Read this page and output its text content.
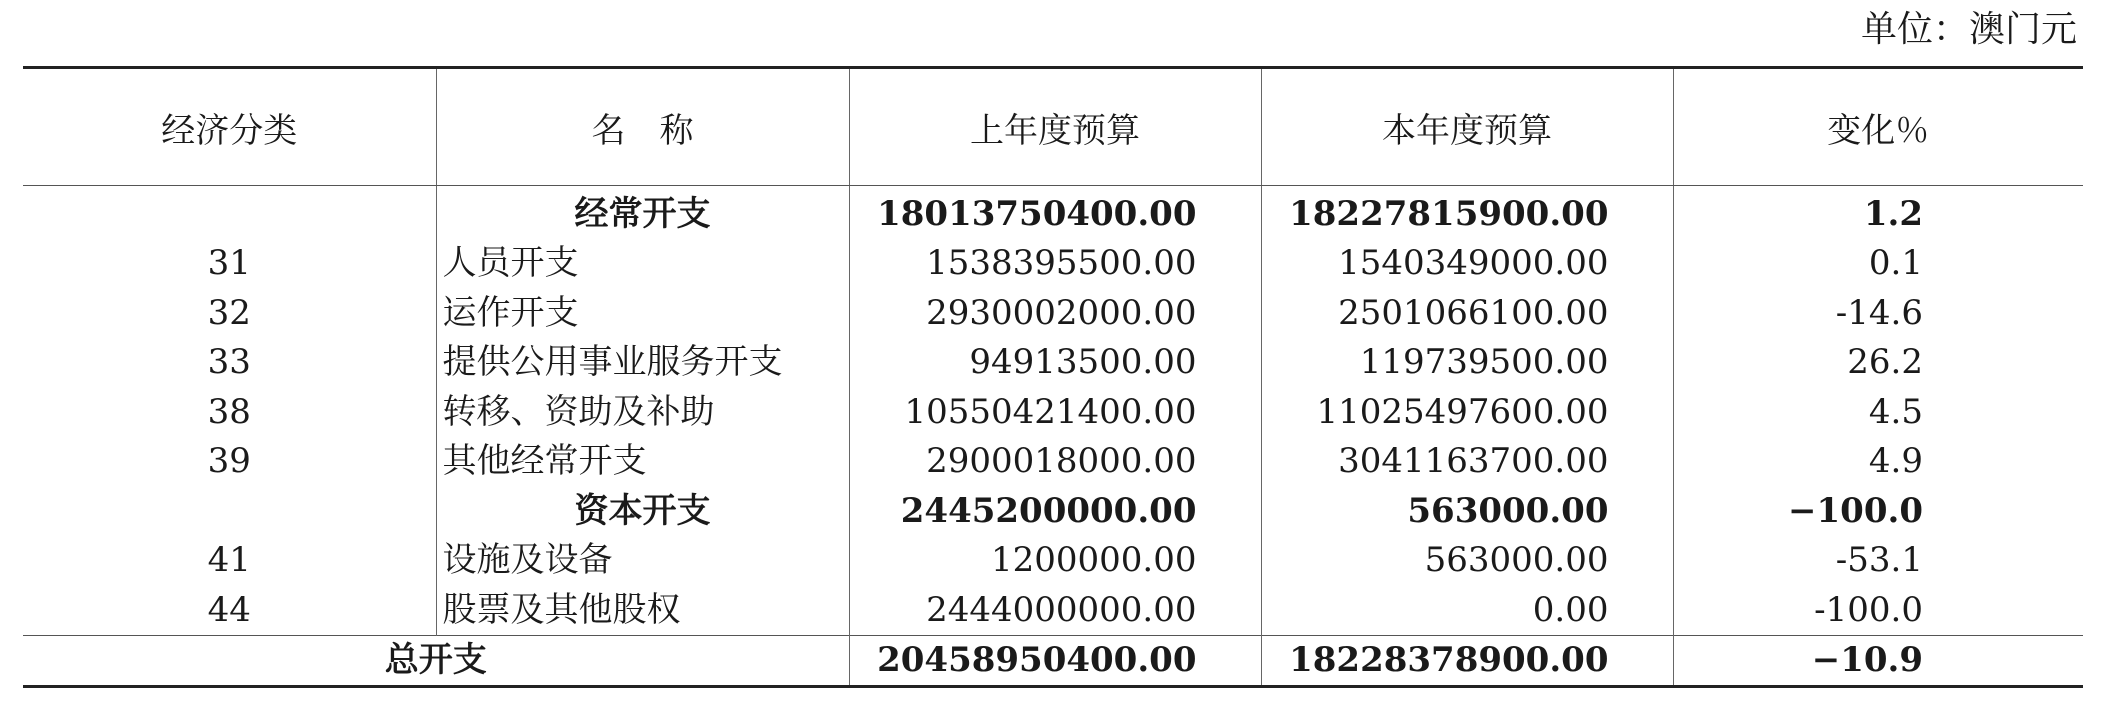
单位：澳门元
经济分类	名　称	上年度预算	本年度预算	变化％
	经常开支	18013750400.00	18227815900.00	1.2
31	人员开支	1538395500.00	1540349000.00	0.1
32	运作开支	2930002000.00	2501066100.00	-14.6
33	提供公用事业服务开支	94913500.00	119739500.00	26.2
38	转移、资助及补助	10550421400.00	11025497600.00	4.5
39	其他经常开支	2900018000.00	3041163700.00	4.9
	资本开支	2445200000.00	563000.00	−100.0
41	设施及设备	1200000.00	563000.00	-53.1
44	股票及其他股权	2444000000.00	0.00	-100.0
总开支		20458950400.00	18228378900.00	−10.9
